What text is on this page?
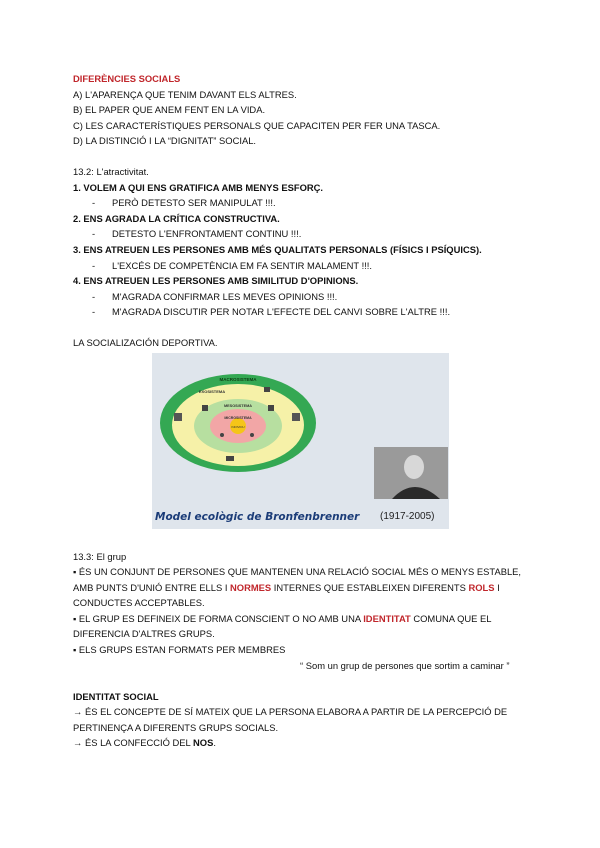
DIFERÈNCIES SOCIALS
A) L'APARENÇA QUE TENIM DAVANT ELS ALTRES.
B) EL PAPER QUE ANEM FENT EN LA VIDA.
C) LES CARACTERÍSTIQUES PERSONALS QUE CAPACITEN PER FER UNA TASCA.
D) LA DISTINCIÓ I LA “DIGNITAT” SOCIAL.
13.2: L'atractivitat.
1. VOLEM A QUI ENS GRATIFICA AMB MENYS ESFORÇ.
- PERÒ DETESTO SER MANIPULAT !!!.
2. ENS AGRADA LA CRÍTICA CONSTRUCTIVA.
- DETESTO L'ENFRONTAMENT CONTINU !!!.
3. ENS ATREUEN LES PERSONES AMB MÉS QUALITATS PERSONALS (FÍSICS I PSÍQUICS).
- L'EXCÉS DE COMPETÈNCIA EM FA SENTIR MALAMENT !!!.
4. ENS ATREUEN LES PERSONES AMB SIMILITUD D'OPINIONS.
- M'AGRADA CONFIRMAR LES MEVES OPINIONS !!!.
- M'AGRADA DISCUTIR PER NOTAR L'EFECTE DEL CANVI SOBRE L'ALTRE !!!.
LA SOCIALIZACIÓN DEPORTIVA.
MACROSISTEMA
EXOSISTEMA
MESOSISTEMA
MICROSISTEMA
INDIVIDU
Model ecològic de Bronfenbrenner (1917-2005)
13.3: El grup
▪ ÉS UN CONJUNT DE PERSONES QUE MANTENEN UNA RELACIÓ SOCIAL MÉS O MENYS ESTABLE,
AMB PUNTS D'UNIÓ ENTRE ELLS I NORMES INTERNES QUE ESTABLEIXEN DIFERENTS ROLS I
CONDUCTES ACCEPTABLES.
▪ EL GRUP ES DEFINEIX DE FORMA CONSCIENT O NO AMB UNA IDENTITAT COMUNA QUE EL
DIFERENCIA D'ALTRES GRUPS.
▪ ELS GRUPS ESTAN FORMATS PER MEMBRES
“ Som un grup de persones que sortim a caminar ”
IDENTITAT SOCIAL
→ ÉS EL CONCEPTE DE SÍ MATEIX QUE LA PERSONA ELABORA A PARTIR DE LA PERCEPCIÓ DE
PERTINENÇA A DIFERENTS GRUPS SOCIALS.
→ ÉS LA CONFECCIÓ DEL NOS.
